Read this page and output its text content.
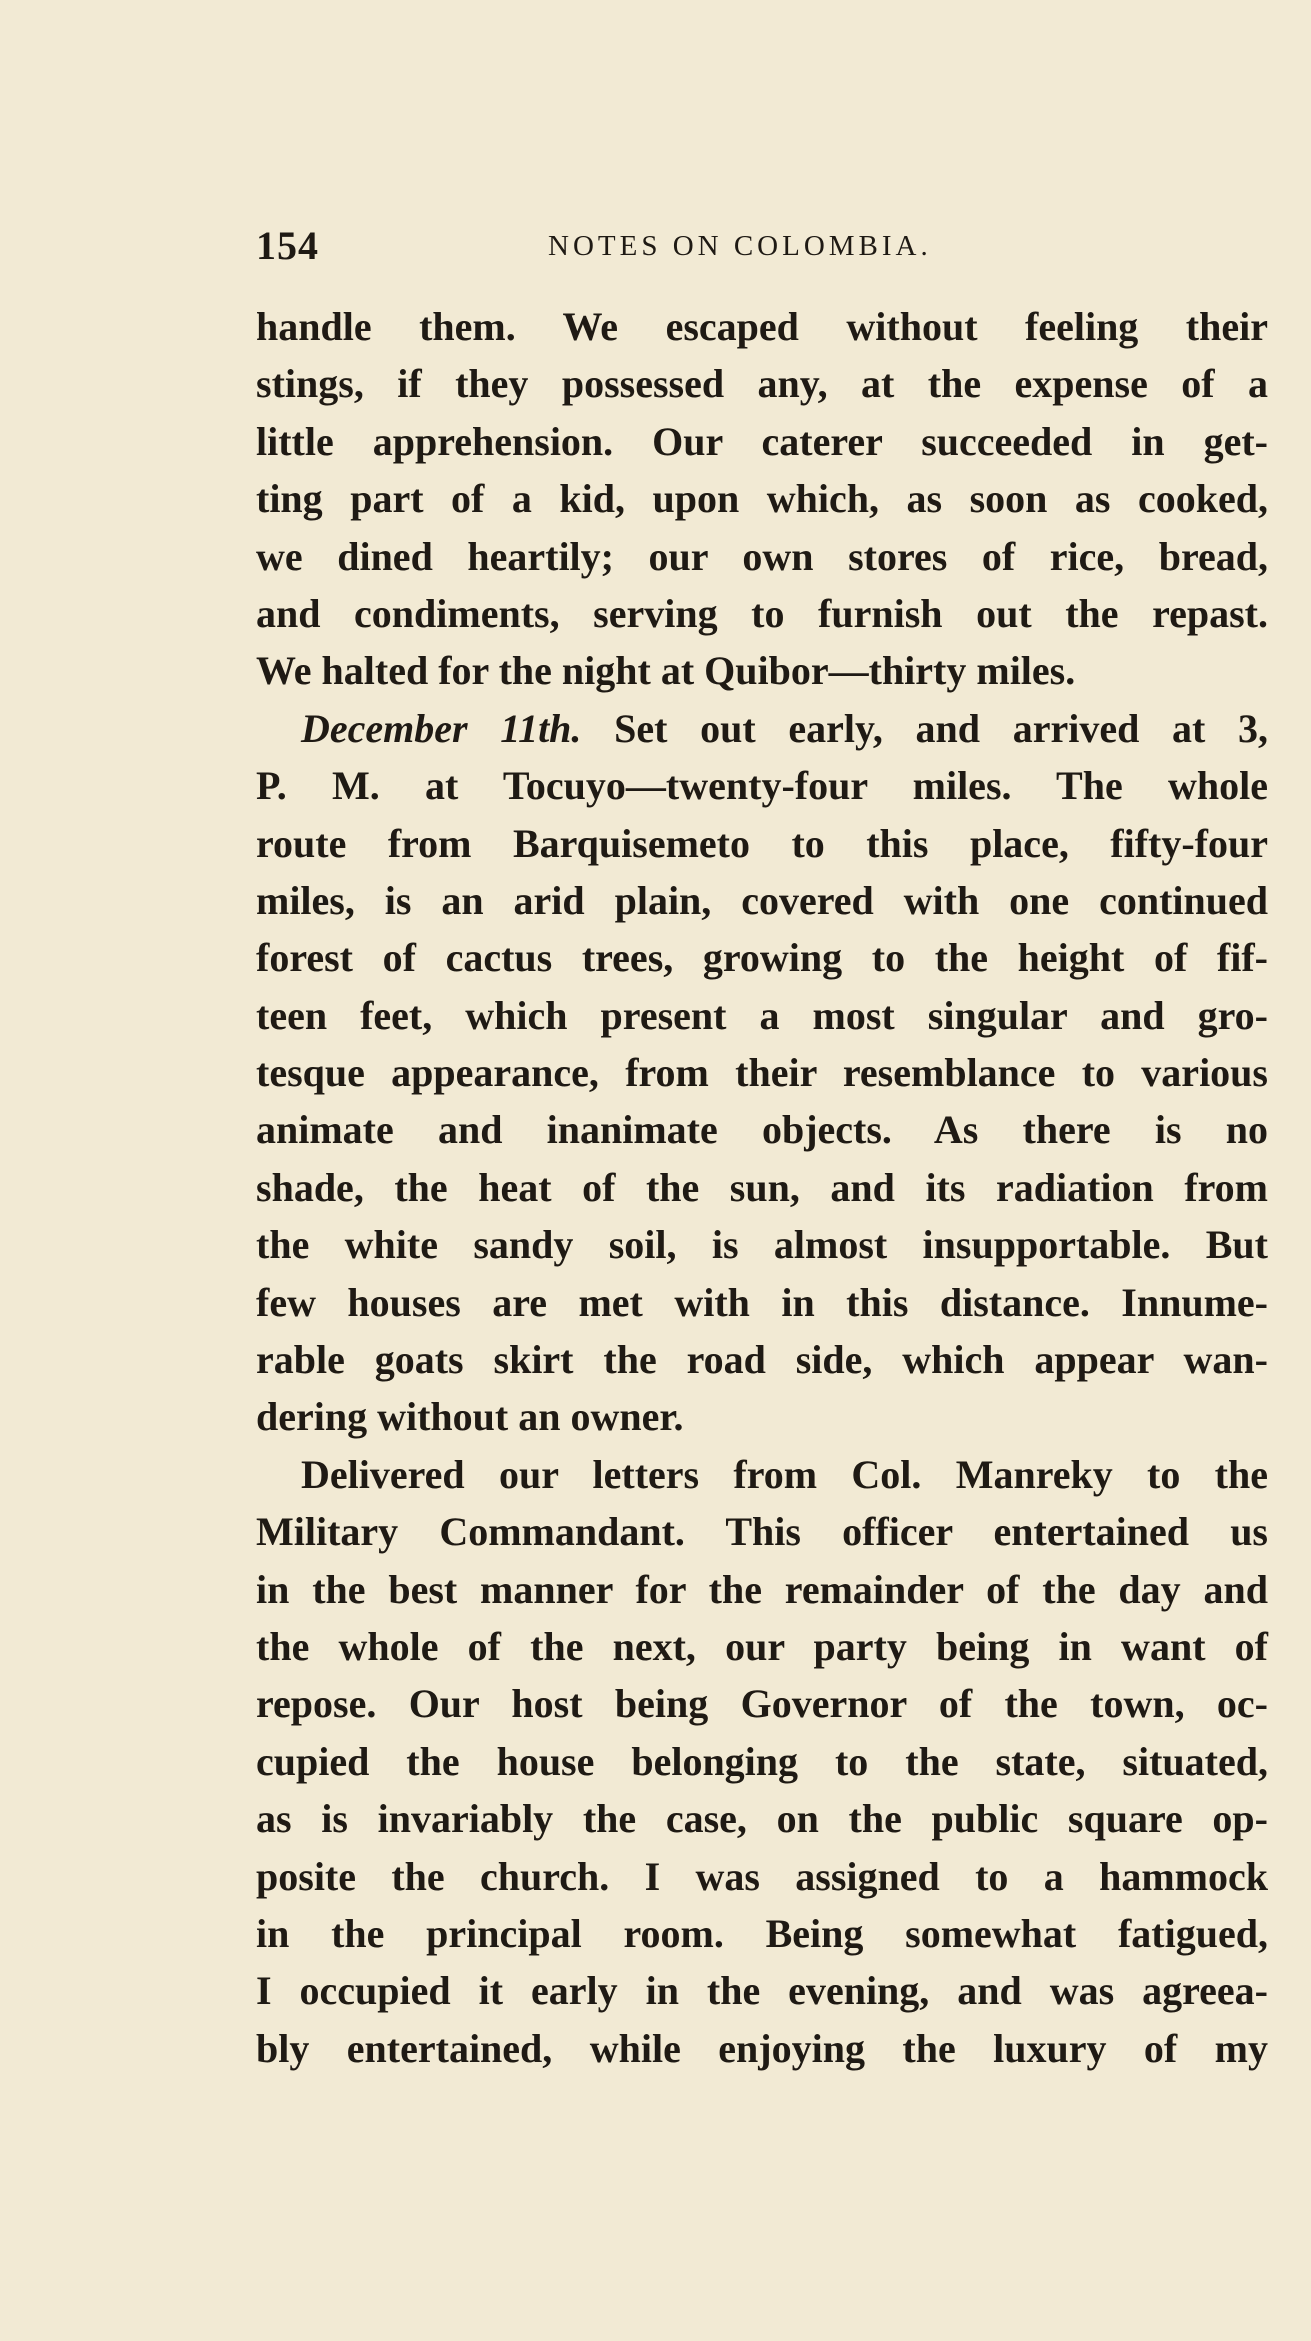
154	NOTES ON COLOMBIA.
handle them. We escaped without feeling their
stings, if they possessed any, at the expense of a
little apprehension. Our caterer succeeded in get-
ting part of a kid, upon which, as soon as cooked,
we dined heartily; our own stores of rice, bread,
and condiments, serving to furnish out the repast.
We halted for the night at Quibor—thirty miles.
December 11th. Set out early, and arrived at 3,
P. M. at Tocuyo—twenty-four miles. The whole
route from Barquisemeto to this place, fifty-four
miles, is an arid plain, covered with one continued
forest of cactus trees, growing to the height of fif-
teen feet, which present a most singular and gro-
tesque appearance, from their resemblance to various
animate and inanimate objects. As there is no
shade, the heat of the sun, and its radiation from
the white sandy soil, is almost insupportable. But
few houses are met with in this distance. Innume-
rable goats skirt the road side, which appear wan-
dering without an owner.
Delivered our letters from Col. Manreky to the
Military Commandant. This officer entertained us
in the best manner for the remainder of the day and
the whole of the next, our party being in want of
repose. Our host being Governor of the town, oc-
cupied the house belonging to the state, situated,
as is invariably the case, on the public square op-
posite the church. I was assigned to a hammock
in the principal room. Being somewhat fatigued,
I occupied it early in the evening, and was agreea-
bly entertained, while enjoying the luxury of my
